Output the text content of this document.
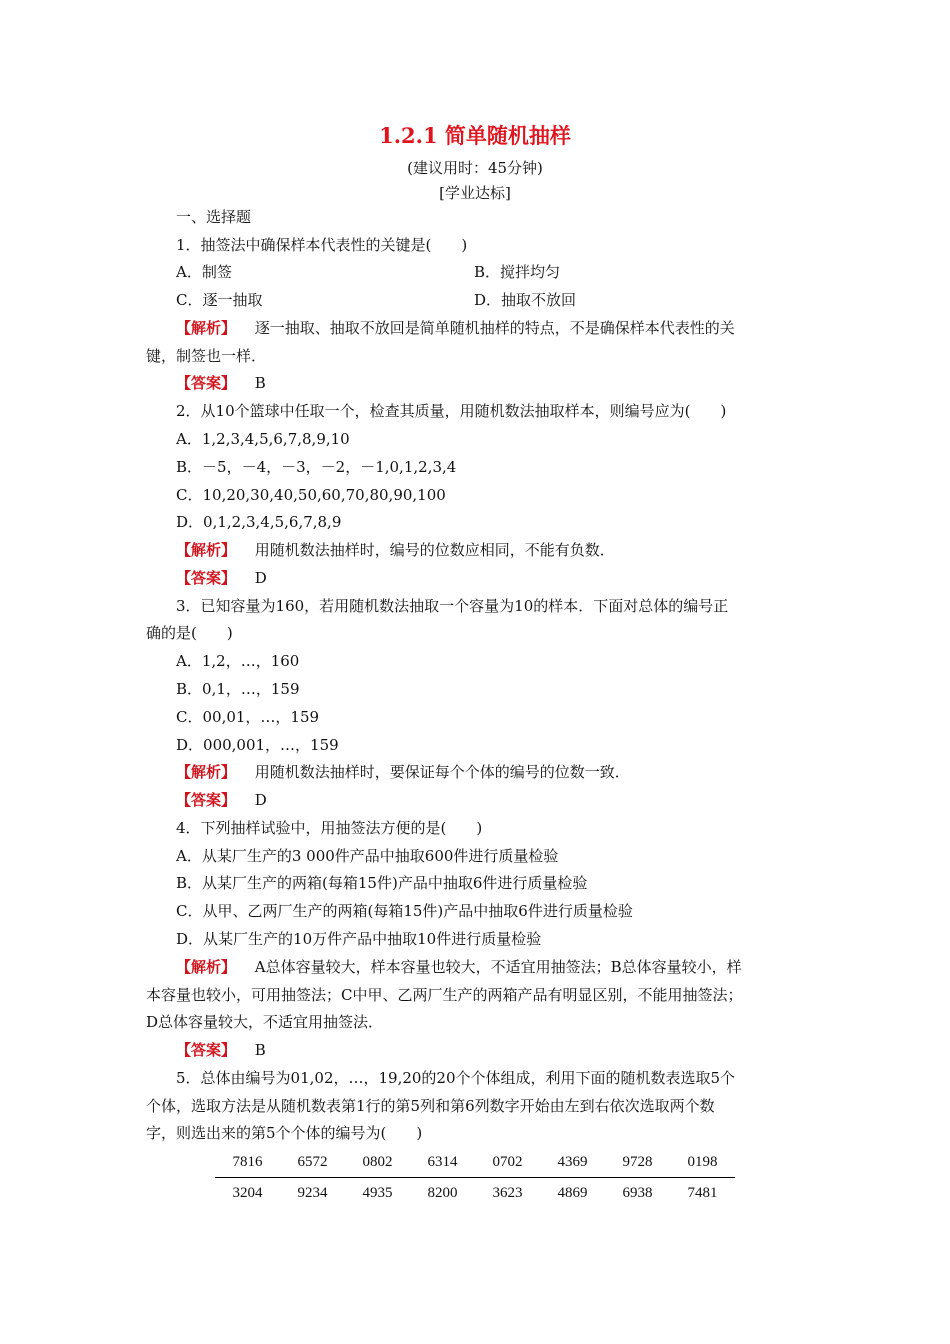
1.2.1 简单随机抽样
(建议用时：45分钟)
[学业达标]
一、选择题
1．抽签法中确保样本代表性的关键是(　　)
A．制签	B．搅拌均匀
C．逐一抽取	D．抽取不放回
【解析】 逐一抽取、抽取不放回是简单随机抽样的特点，不是确保样本代表性的关
键，制签也一样．
【答案】 B
2．从10个篮球中任取一个，检查其质量，用随机数法抽取样本，则编号应为(　　)
A．1,2,3,4,5,6,7,8,9,10
B．－5，－4，－3，－2，－1,0,1,2,3,4
C．10,20,30,40,50,60,70,80,90,100
D．0,1,2,3,4,5,6,7,8,9
【解析】 用随机数法抽样时，编号的位数应相同，不能有负数．
【答案】 D
3．已知容量为160，若用随机数法抽取一个容量为10的样本．下面对总体的编号正
确的是(　　)
A．1,2，…，160
B．0,1，…，159
C．00,01，…，159
D．000,001，…，159
【解析】 用随机数法抽样时，要保证每个个体的编号的位数一致．
【答案】 D
4．下列抽样试验中，用抽签法方便的是(　　)
A．从某厂生产的3 000件产品中抽取600件进行质量检验
B．从某厂生产的两箱(每箱15件)产品中抽取6件进行质量检验
C．从甲、乙两厂生产的两箱(每箱15件)产品中抽取6件进行质量检验
D．从某厂生产的10万件产品中抽取10件进行质量检验
【解析】 A总体容量较大，样本容量也较大，不适宜用抽签法；B总体容量较小，样
本容量也较小，可用抽签法；C中甲、乙两厂生产的两箱产品有明显区别，不能用抽签法；
D总体容量较大，不适宜用抽签法．
【答案】 B
5．总体由编号为01,02，…，19,20的20个个体组成，利用下面的随机数表选取5个
个体，选取方法是从随机数表第1行的第5列和第6列数字开始由左到右依次选取两个数
字，则选出来的第5个个体的编号为(　　)
7816	6572	0802	6314	0702	4369	9728	0198
3204	9234	4935	8200	3623	4869	6938	7481
